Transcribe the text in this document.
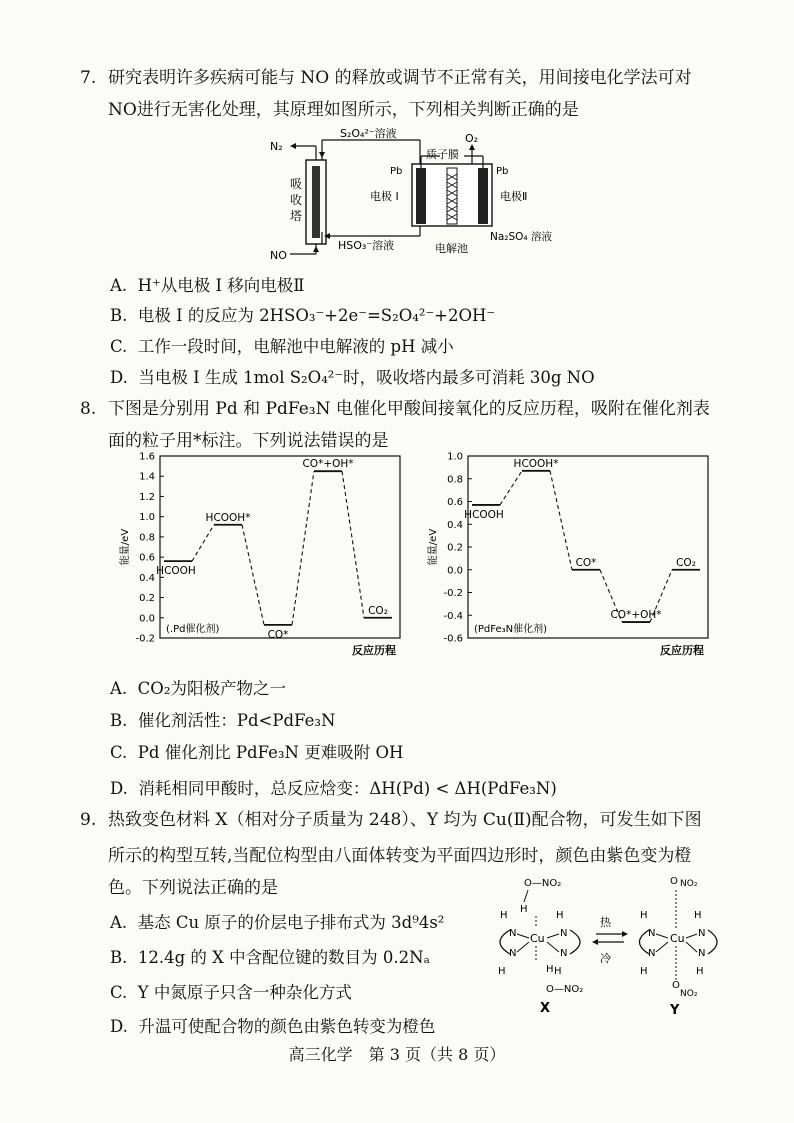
7. 研究表明许多疾病可能与 NO 的释放或调节不正常有关，用间接电化学法可对
NO进行无害化处理，其原理如图所示，下列相关判断正确的是
N₂
S₂O₄²⁻溶液	O₂
Pb	Pb
质子膜
吸
收
塔
电极 I	电极Ⅱ
NO
HSO₃⁻溶液	电解池
Na₂SO₄ 溶液
A. H⁺从电极 I 移向电极Ⅱ
B. 电极 I 的反应为 2HSO₃⁻+2e⁻=S₂O₄²⁻+2OH⁻
C. 工作一段时间，电解池中电解液的 pH 减小
D. 当电极 I 生成 1mol S₂O₄²⁻时，吸收塔内最多可消耗 30g NO
8. 下图是分别用 Pd 和 PdFe₃N 电催化甲酸间接氧化的反应历程，吸附在催化剂表
面的粒子用*标注。下列说法错误的是
1.6
1.4
1.2
1.0
0.8
0.6
0.4
0.2
0.0
-0.2
能量/eV
反应历程
(.Pd催化剂)
HCOOH
HCOOH*
CO*
CO*+OH*
CO₂
1.0
0.8
0.6
0.4
0.2
0.0
-0.2
-0.4
-0.6
能量/eV
反应历程
(PdFe₃N催化剂)
HCOOH
HCOOH*
CO*
CO*+OH*
CO₂
A. CO₂为阳极产物之一
B. 催化剂活性：Pd<PdFe₃N
C. Pd 催化剂比 PdFe₃N 更难吸附 OH
D. 消耗相同甲酸时，总反应焓变：ΔH(Pd) < ΔH(PdFe₃N)
9. 热致变色材料 X（相对分子质量为 248）、Y 均为 Cu(Ⅱ)配合物，可发生如下图
所示的构型互转,当配位构型由八面体转变为平面四边形时，颜色由紫色变为橙
色。下列说法正确的是
A. 基态 Cu 原子的价层电子排布式为 3d⁹4s²
B. 12.4g 的 X 中含配位键的数目为 0.2Nₐ
C. Y 中氮原子只含一种杂化方式
D. 升温可使配合物的颜色由紫色转变为橙色
O—NO₂
H
Cu
N
N
N
N
H	H
H	H
H
O—NO₂
X
热
冷
O NO₂
Cu
N
N
N
N
H	H
H	H
O
NO₂
Y
高三化学　第 3 页（共 8 页）
